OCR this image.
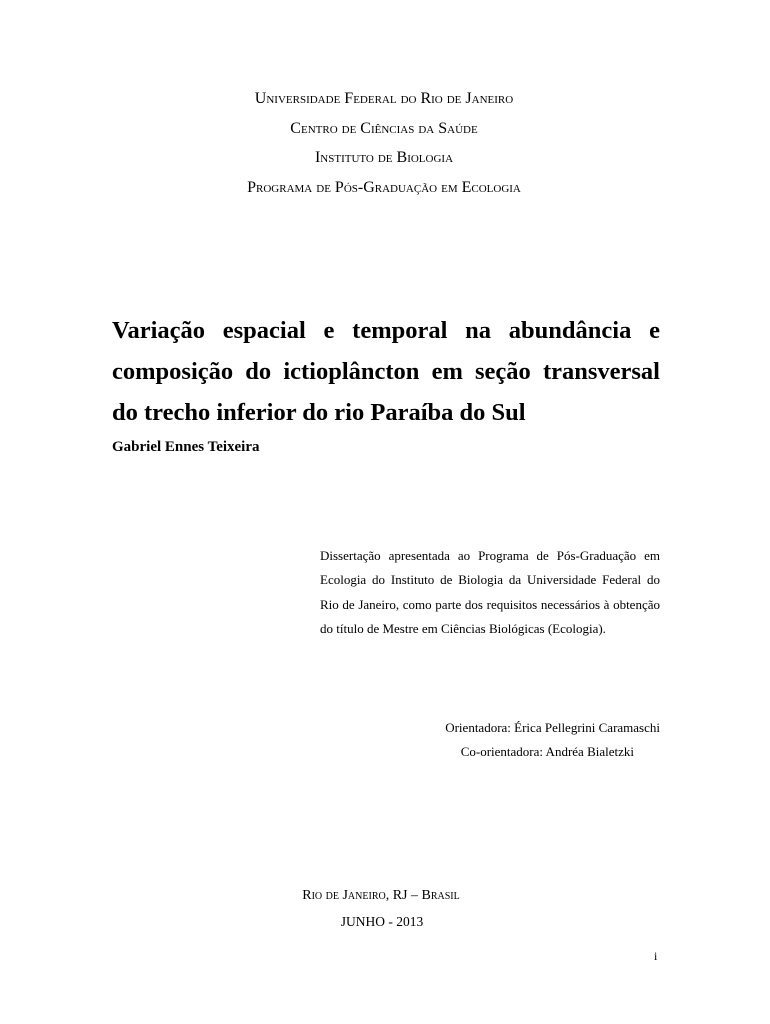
Universidade Federal do Rio de Janeiro
Centro de Ciências da Saúde
Instituto de Biologia
Programa de Pós-Graduação em Ecologia

Variação espacial e temporal na abundância e composição do ictioplâncton em seção transversal do trecho inferior do rio Paraíba do Sul

Gabriel Ennes Teixeira
Dissertação apresentada ao Programa de Pós-Graduação em Ecologia do Instituto de Biologia da Universidade Federal do Rio de Janeiro, como parte dos requisitos necessários à obtenção do título de Mestre em Ciências Biológicas (Ecologia).
Orientadora: Érica Pellegrini Caramaschi
Co-orientadora: Andréa Bialetzki
Rio de Janeiro, RJ – Brasil
JUNHO - 2013
i
